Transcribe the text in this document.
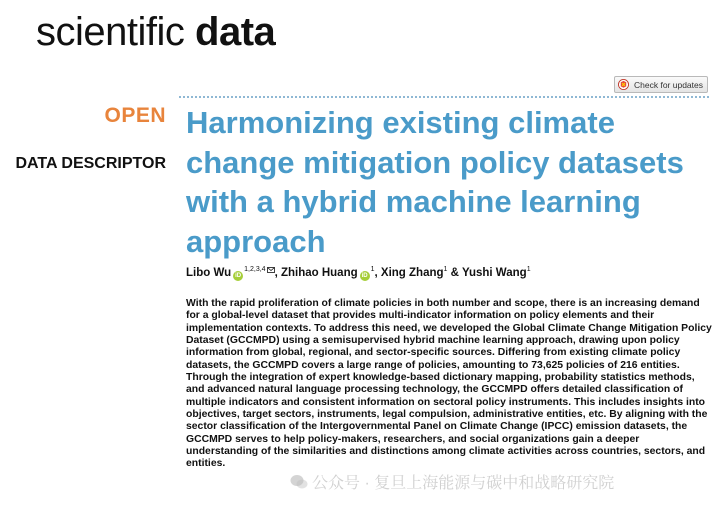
scientific data
Check for updates
OPEN
DATA DESCRIPTOR
Harmonizing existing climate change mitigation policy datasets with a hybrid machine learning approach
Libo Wu iD$^{1,2,3,4}$ , Zhihao Huang $iD^1$, Xing Zhang$^1$ & Yushi Wang$^1$

With the rapid proliferation of climate policies in both number and scope, there is an increasing demand for a global-level dataset that provides multi-indicator information on policy elements and their implementation contexts. To address this need, we developed the Global Climate Change Mitigation Policy Dataset (GCCMPD) using a semisupervised hybrid machine learning approach, drawing upon policy information from global, regional, and sector-specific sources. Differing from existing climate policy datasets, the GCCMPD covers a large range of policies, amounting to 73,625 policies of 216 entities. Through the integration of expert knowledge-based dictionary mapping, probability statistics methods, and advanced natural language processing technology, the GCCMPD offers detailed classification of multiple indicators and consistent information on sectoral policy instruments. This includes insights into objectives, target sectors, instruments, legal compulsion, administrative entities, etc. By aligning with the sector classification of the Intergovernmental Panel on Climate Change (IPCC) emission datasets, the GCCMPD serves to help policy-makers, researchers, and social organizations gain a deeper understanding of the similarities and distinctions among climate activities across countries, sectors, and entities.

公众号 · 复旦上海能源与碳中和战略研究院
